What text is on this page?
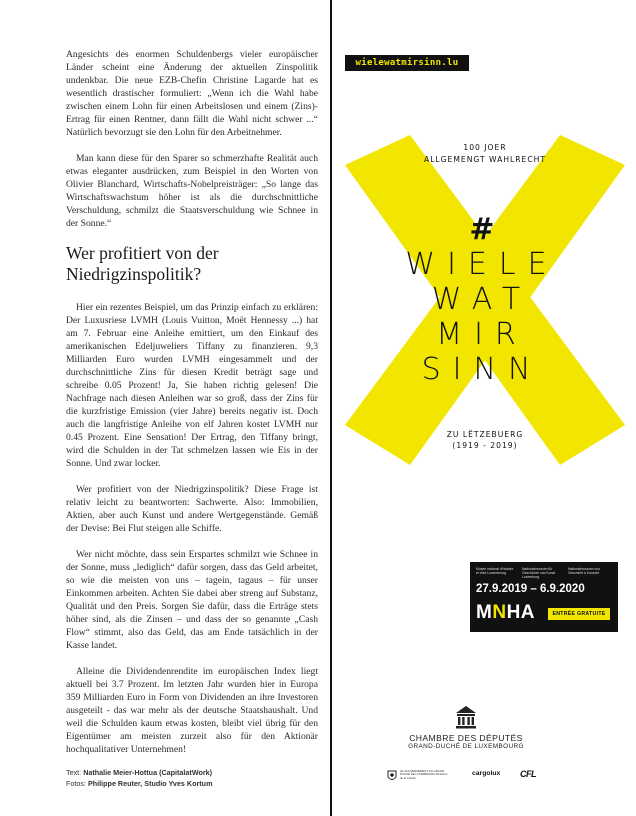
Angesichts des enormen Schuldenbergs vieler europäischer Länder scheint eine Änderung der aktuellen Zinspolitik undenkbar. Die neue EZB-Chefin Christine Lagarde hat es wesentlich drastischer formuliert: „Wenn ich die Wahl habe zwischen einem Lohn für einen Arbeitslosen und einem (Zins)-Ertrag für einen Rentner, dann fällt die Wahl nicht schwer ...“ Natürlich bevorzugt sie den Lohn für den Arbeitnehmer.

Man kann diese für den Sparer so schmerzhafte Realität auch etwas eleganter ausdrücken, zum Beispiel in den Worten von Olivier Blanchard, Wirtschafts-Nobelpreisträger: „So lange das Wirtschaftswachstum höher ist als die durchschnittliche Verschuldung, schmilzt die Staatsverschuldung wie Schnee in der Sonne.“

Wer profitiert von der Niedrigzinspolitik?

Hier ein rezentes Beispiel, um das Prinzip einfach zu erklären: Der Luxusriese LVMH (Louis Vuitton, Moët Hennessy ...) hat am 7. Februar eine Anleihe emittiert, um den Einkauf des amerikanischen Edeljuweliers Tiffany zu finanzieren. 9,3 Milliarden Euro wurden LVMH eingesammelt und der durchschnittliche Zins für diesen Kredit beträgt sage und schreibe 0.05 Prozent! Ja, Sie haben richtig gelesen! Die Nachfrage nach diesen Anleihen war so groß, dass der Zins für die kurzfristige Emission (vier Jahre) bereits negativ ist. Doch auch die langfristige Anleihe von elf Jahren kostet LVMH nur 0.45 Prozent. Eine Sensation! Der Ertrag, den Tiffany bringt, wird die Schulden in der Tat schmelzen lassen wie Eis in der Sonne. Und zwar locker.

Wer profitiert von der Niedrigzinspolitik? Diese Frage ist relativ leicht zu beantworten: Sachwerte. Also: Immobilien, Aktien, aber auch Kunst und andere Wertgegenstände. Gemäß der Devise: Bei Flut steigen alle Schiffe.

Wer nicht möchte, dass sein Erspartes schmilzt wie Schnee in der Sonne, muss „lediglich“ dafür sorgen, dass das Geld arbeitet, so wie die meisten von uns – tagein, tagaus – für unser Einkommen arbeiten. Achten Sie dabei aber streng auf Substanz, Qualität und den Preis. Sorgen Sie dafür, dass die Erträge stets höher sind, als die Zinsen – und dass der so genannte „Cash Flow“ stimmt, also das Geld, das am Ende tatsächlich in der Kasse landet.

Alleine die Dividendenrendite im europäischen Index liegt aktuell bei 3.7 Prozent. Im letzten Jahr wurden hier in Europa 359 Milliarden Euro in Form von Dividenden an ihre Investoren ausgeteilt - das war mehr als der deutsche Staatshaushalt. Und weil die Schulden kaum etwas kosten, bleibt viel übrig für den Eigentümer am meisten zurzeit also für den Aktionär hochqualitativer Unternehmen!

Text: Nathalie Meier-Hottua (CapitalatWork)
Fotos: Philippe Reuter, Studio Yves Kortum
wielewatmirsinn.lu
100 JOER
ALLGEMENGT WAHLRECHT
#
WIELE
WAT
MIR
SINN
ZU LËTZEBUERG
(1919 - 2019)
Musée national d'histoire et d'art Luxembourg
Nationalmuseum für Geschichte und Kunst Luxemburg
Nationalmuseum vun Geschicht a Konscht
27.9.2019 – 6.9.2020
MNHA	ENTRÉE GRATUITE
CHAMBRE DES DÉPUTÉS
GRAND-DUCHÉ DE LUXEMBOURG
LE GOUVERNEMENT DU GRAND-DUCHÉ DE LUXEMBOURG Ministère de la Culture
cargolux CFL
